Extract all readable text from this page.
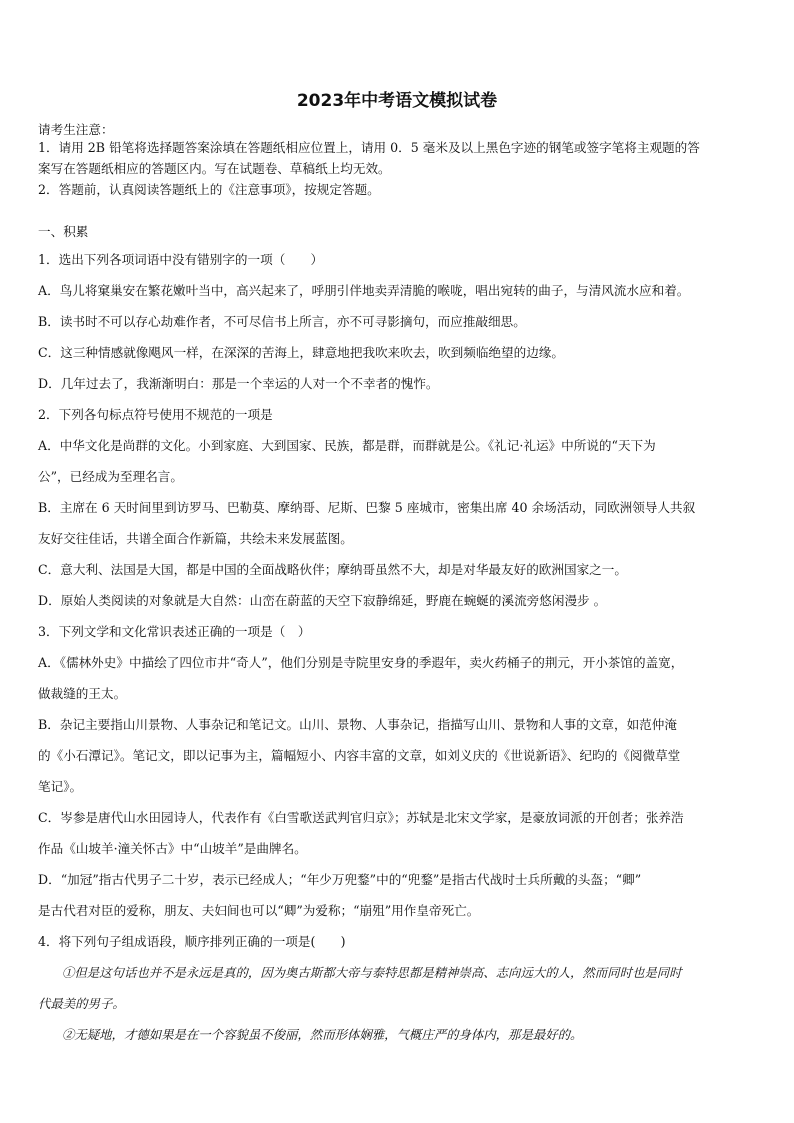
2023年中考语文模拟试卷
请考生注意：
1．请用 2B 铅笔将选择题答案涂填在答题纸相应位置上，请用 0．5 毫米及以上黑色字迹的钢笔或签字笔将主观题的答
案写在答题纸相应的答题区内。写在试题卷、草稿纸上均无效。
2．答题前，认真阅读答题纸上的《注意事项》，按规定答题。
一、积累
1．选出下列各项词语中没有错别字的一项（　　）
A．鸟儿将窠巢安在繁花嫩叶当中，高兴起来了，呼朋引伴地卖弄清脆的喉咙，唱出宛转的曲子，与清风流水应和着。
B．读书时不可以存心劫难作者，不可尽信书上所言，亦不可寻影摘句，而应推敲细思。
C．这三种情感就像飓风一样，在深深的苦海上，肆意地把我吹来吹去，吹到频临绝望的边缘。
D．几年过去了，我渐渐明白：那是一个幸运的人对一个不幸者的愧怍。
2．下列各句标点符号使用不规范的一项是
A．中华文化是尚群的文化。小到家庭、大到国家、民族，都是群，而群就是公。《礼记·礼运》中所说的“天下为
公”，已经成为至理名言。
B．主席在 6 天时间里到访罗马、巴勒莫、摩纳哥、尼斯、巴黎 5 座城市，密集出席 40 余场活动，同欧洲领导人共叙
友好交往佳话，共谱全面合作新篇，共绘未来发展蓝图。
C．意大利、法国是大国，都是中国的全面战略伙伴；摩纳哥虽然不大，却是对华最友好的欧洲国家之一。
D．原始人类阅读的对象就是大自然：山峦在蔚蓝的天空下寂静绵延，野鹿在蜿蜒的溪流旁悠闲漫步 。
3．下列文学和文化常识表述正确的一项是（　）
A．《儒林外史》中描绘了四位市井“奇人”，他们分别是寺院里安身的季遐年，卖火药桶子的荆元，开小茶馆的盖宽，
做裁缝的王太。
B．杂记主要指山川景物、人事杂记和笔记文。山川、景物、人事杂记，指描写山川、景物和人事的文章，如范仲淹
的《小石潭记》。笔记文，即以记事为主，篇幅短小、内容丰富的文章，如刘义庆的《世说新语》、纪昀的《阅微草堂
笔记》。
C．岑参是唐代山水田园诗人，代表作有《白雪歌送武判官归京》；苏轼是北宋文学家，是豪放词派的开创者；张养浩
作品《山坡羊·潼关怀古》中“山坡羊”是曲牌名。
D．“加冠”指古代男子二十岁，表示已经成人；“年少万兜鍪”中的“兜鍪”是指古代战时士兵所戴的头盔；“卿”
是古代君对臣的爱称，朋友、夫妇间也可以“卿”为爱称；“崩殂”用作皇帝死亡。
4．将下列句子组成语段，顺序排列正确的一项是(　　)
①但是这句话也并不是永远是真的，因为奥古斯都大帝与泰特思都是精神崇高、志向远大的人，然而同时也是同时
代最美的男子。
②无疑地，才德如果是在一个容貌虽不俊丽，然而形体娴雅，气概庄严的身体内，那是最好的。
